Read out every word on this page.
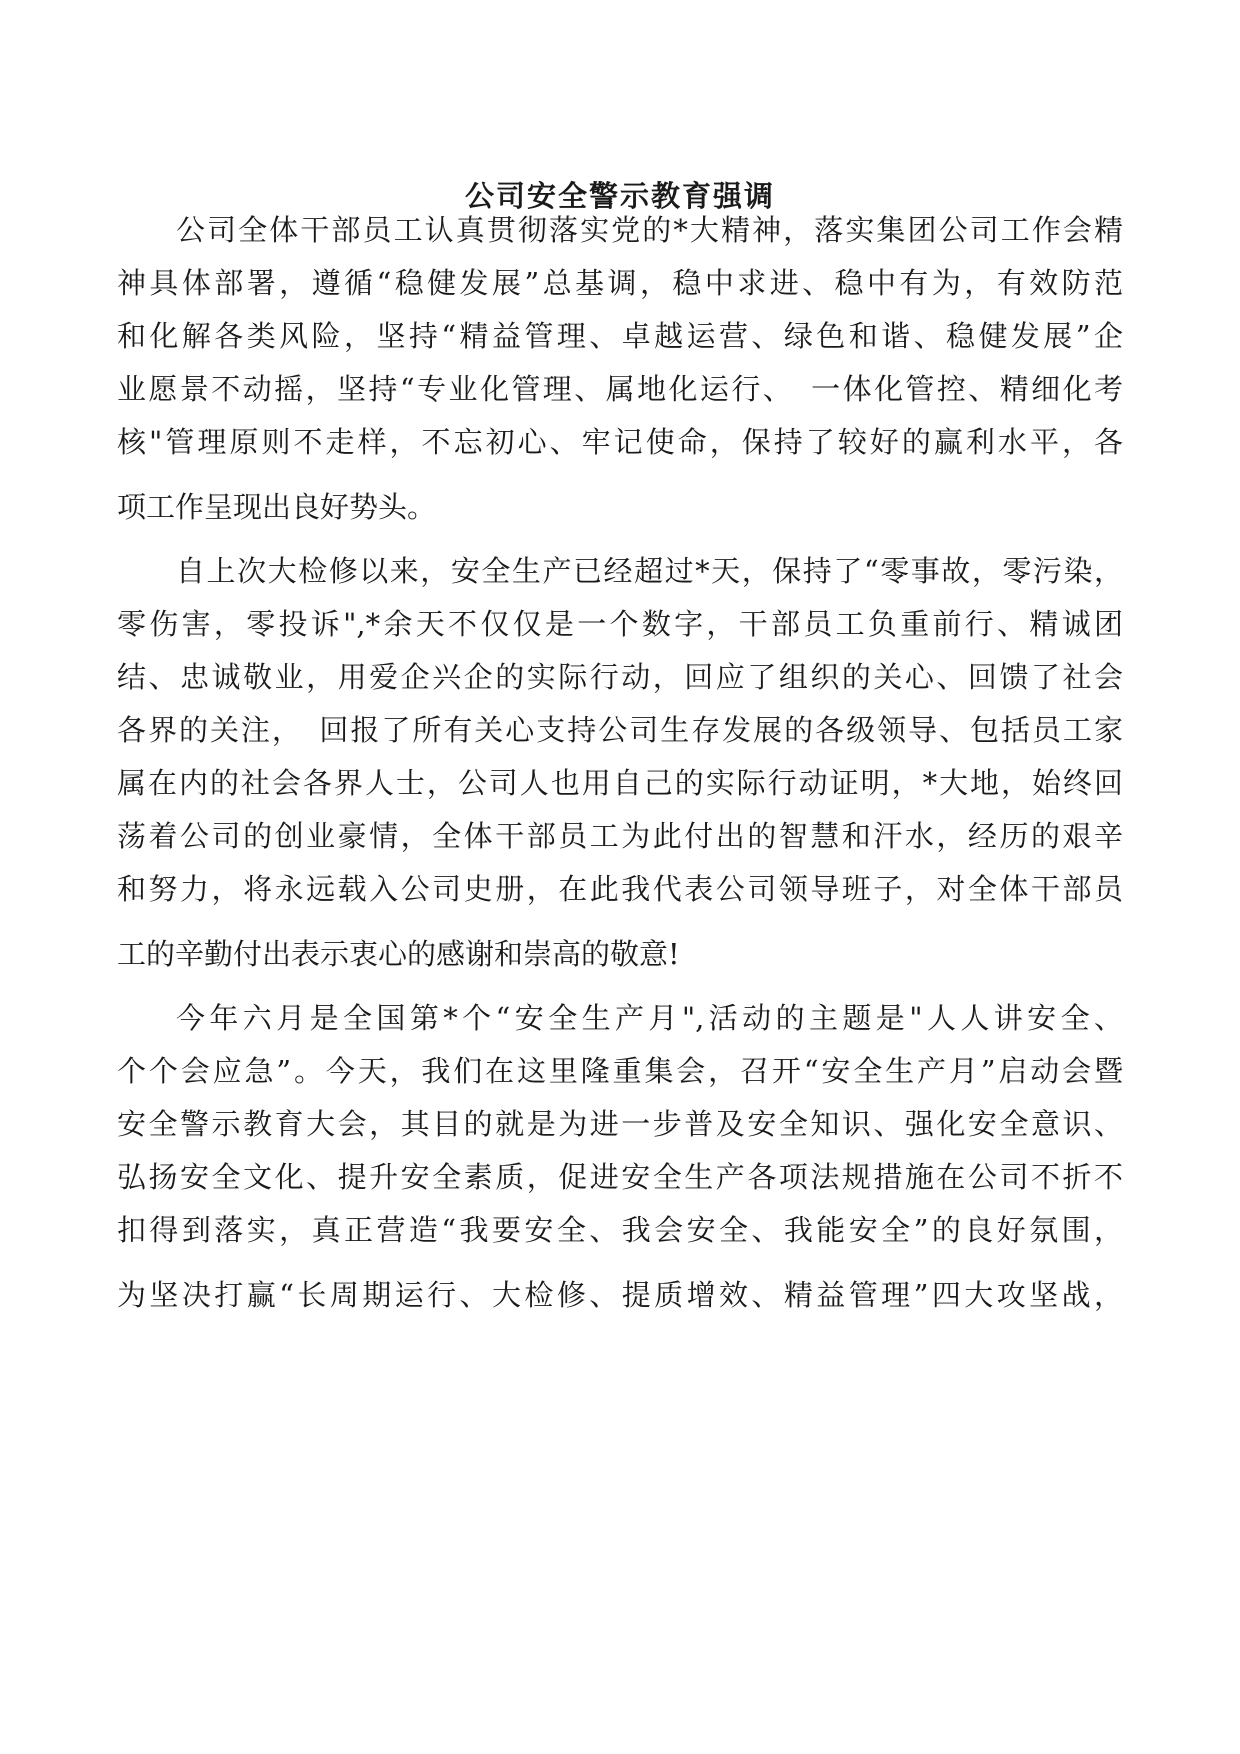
公司安全警示教育强调
公司全体干部员工认真贯彻落实党的*大精神，落实集团公司工作会精
神具体部署，遵循“稳健发展”总基调，稳中求进、稳中有为，有效防范
和化解各类风险，坚持“精益管理、卓越运营、绿色和谐、稳健发展”企
业愿景不动摇，坚持“专业化管理、属地化运行、　一体化管控、精细化考
核"管理原则不走样，不忘初心、牢记使命，保持了较好的赢利水平，各
项工作呈现出良好势头。
自上次大检修以来，安全生产已经超过*天，保持了“零事故，零污染，
零伤害，零投诉",*余天不仅仅是一个数字，干部员工负重前行、精诚团
结、忠诚敬业，用爱企兴企的实际行动，回应了组织的关心、回馈了社会
各界的关注，　回报了所有关心支持公司生存发展的各级领导、包括员工家
属在内的社会各界人士，公司人也用自己的实际行动证明，*大地，始终回
荡着公司的创业豪情，全体干部员工为此付出的智慧和汗水，经历的艰辛
和努力，将永远载入公司史册，在此我代表公司领导班子，对全体干部员
工的辛勤付出表示衷心的感谢和崇高的敬意!
今年六月是全国第*个“安全生产月",活动的主题是"人人讲安全、
个个会应急”。今天，我们在这里隆重集会，召开“安全生产月”启动会暨
安全警示教育大会，其目的就是为进一步普及安全知识、强化安全意识、
弘扬安全文化、提升安全素质，促进安全生产各项法规措施在公司不折不
扣得到落实，真正营造“我要安全、我会安全、我能安全”的良好氛围，
为坚决打赢“长周期运行、大检修、提质增效、精益管理”四大攻坚战，
